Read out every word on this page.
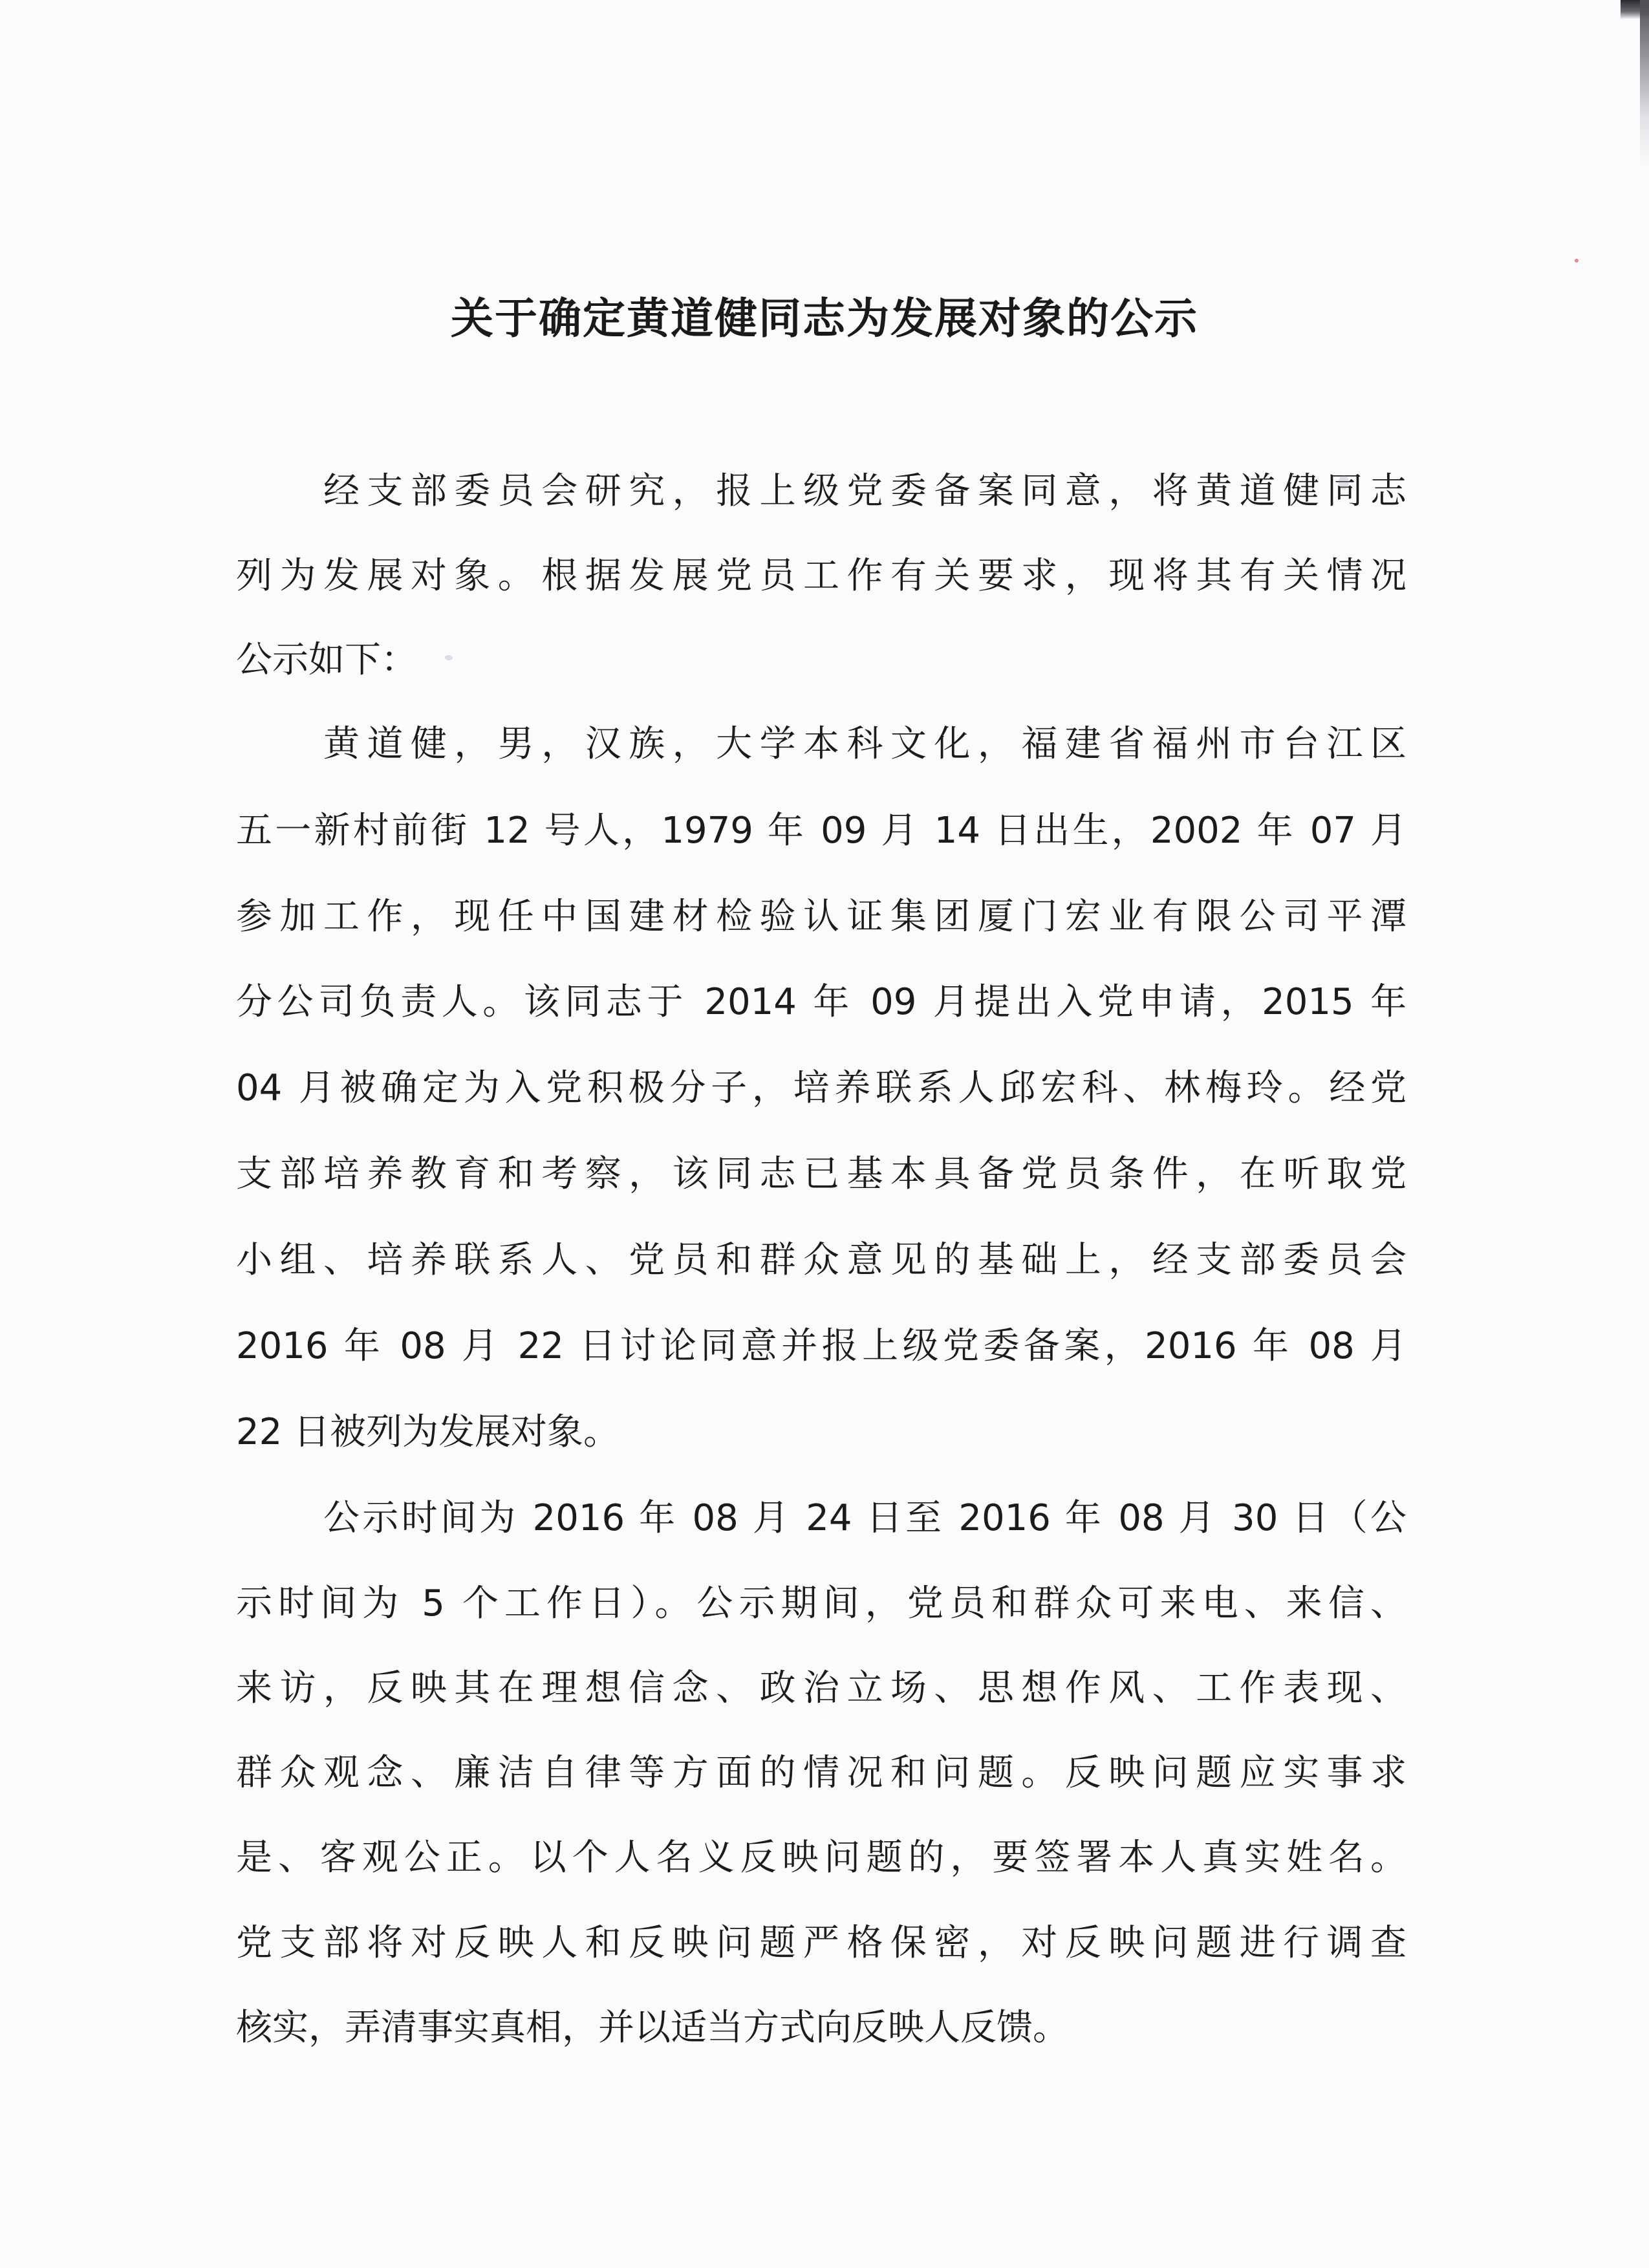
关于确定黄道健同志为发展对象的公示
经支部委员会研究，报上级党委备案同意，将黄道健同志
列为发展对象。根据发展党员工作有关要求，现将其有关情况
公示如下：
黄道健，男，汉族，大学本科文化，福建省福州市台江区
五一新村前街 12 号人，1979 年 09 月 14 日出生，2002 年 07 月
参加工作，现任中国建材检验认证集团厦门宏业有限公司平潭
分公司负责人。该同志于 2014 年 09 月提出入党申请，2015 年
04 月被确定为入党积极分子，培养联系人邱宏科、林梅玲。经党
支部培养教育和考察，该同志已基本具备党员条件，在听取党
小组、培养联系人、党员和群众意见的基础上，经支部委员会
2016 年 08 月 22 日讨论同意并报上级党委备案，2016 年 08 月
22 日被列为发展对象。
公示时间为 2016 年 08 月 24 日至 2016 年 08 月 30 日（公
示时间为 5 个工作日）。公示期间，党员和群众可来电、来信、
来访，反映其在理想信念、政治立场、思想作风、工作表现、
群众观念、廉洁自律等方面的情况和问题。反映问题应实事求
是、客观公正。以个人名义反映问题的，要签署本人真实姓名。
党支部将对反映人和反映问题严格保密，对反映问题进行调查
核实，弄清事实真相，并以适当方式向反映人反馈。
